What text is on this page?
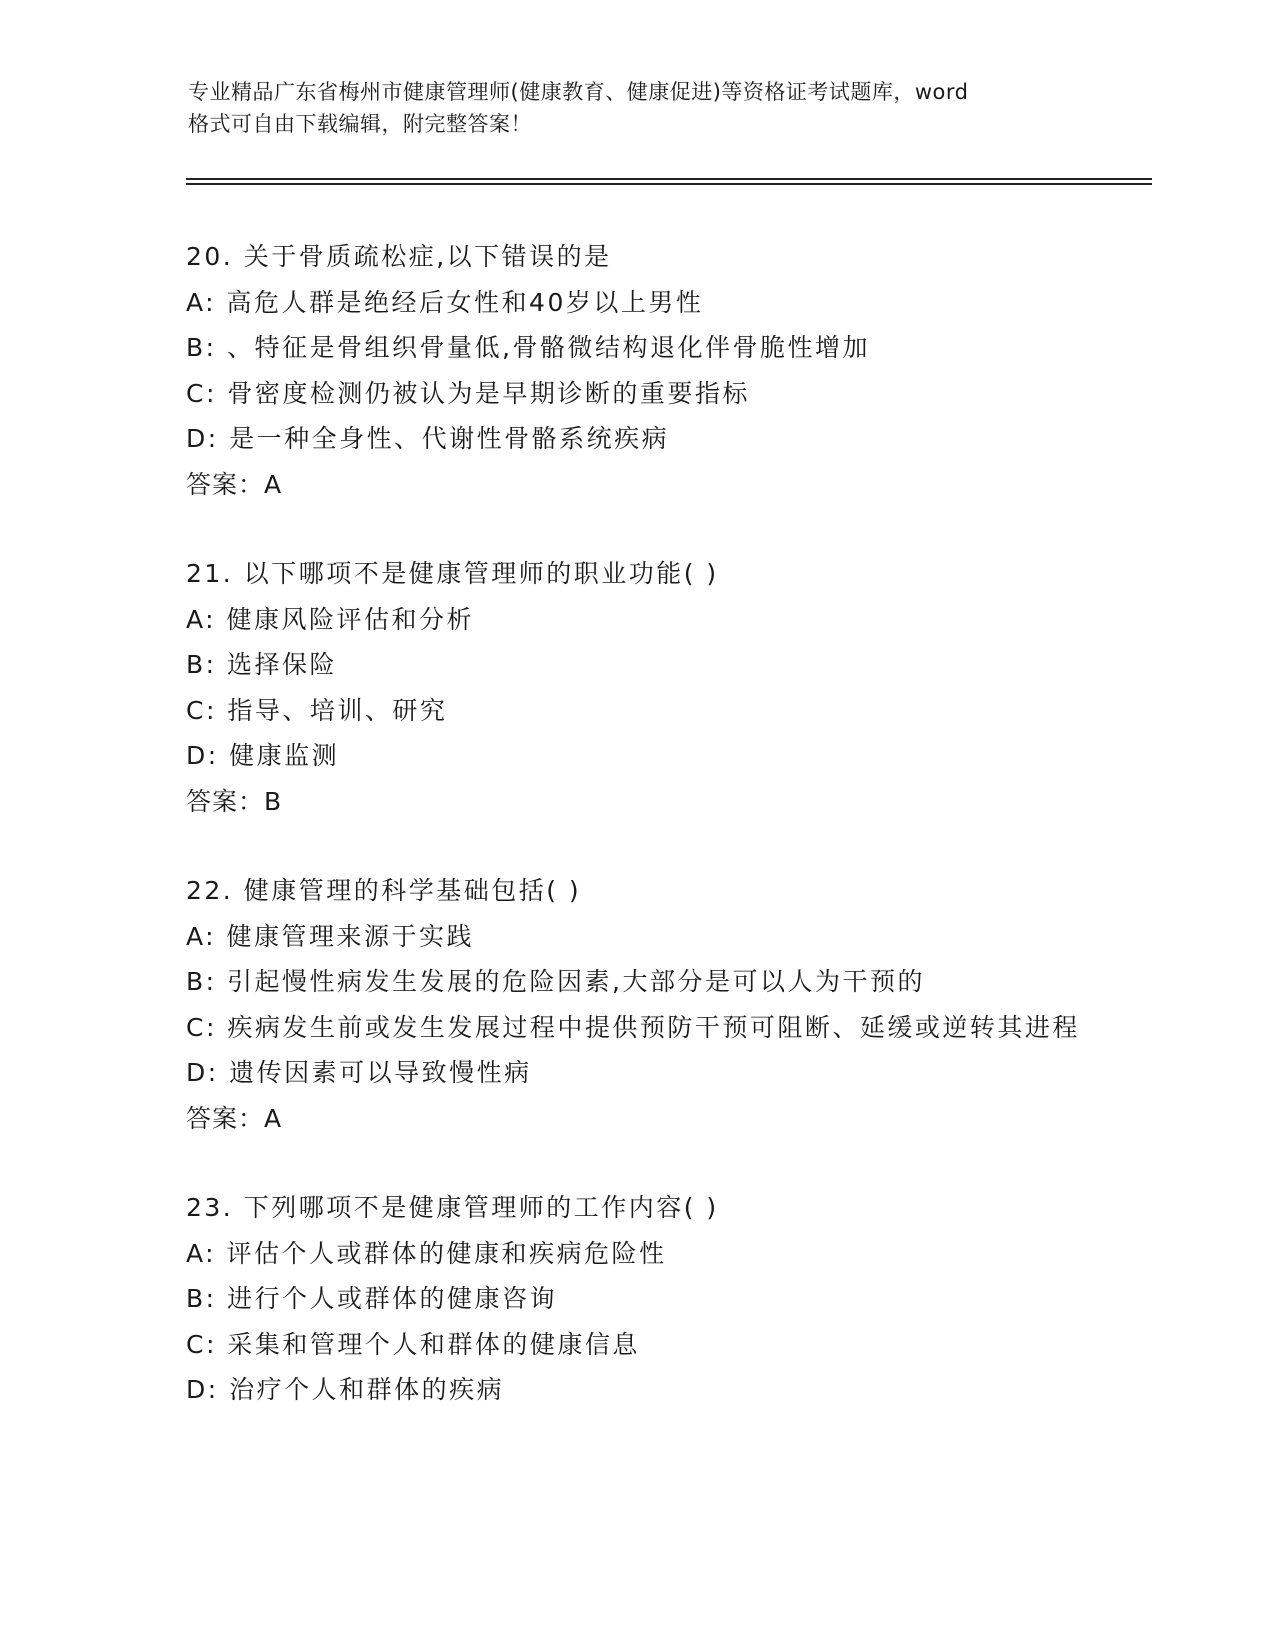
专业精品广东省梅州市健康管理师(健康教育、健康促进)等资格证考试题库，word
格式可自由下载编辑，附完整答案！
20. 关于骨质疏松症,以下错误的是
A: 高危人群是绝经后女性和40岁以上男性
B: 、特征是骨组织骨量低,骨骼微结构退化伴骨脆性增加
C: 骨密度检测仍被认为是早期诊断的重要指标
D: 是一种全身性、代谢性骨骼系统疾病
答案：A
21. 以下哪项不是健康管理师的职业功能( )
A: 健康风险评估和分析
B: 选择保险
C: 指导、培训、研究
D: 健康监测
答案：B
22. 健康管理的科学基础包括( )
A: 健康管理来源于实践
B: 引起慢性病发生发展的危险因素,大部分是可以人为干预的
C: 疾病发生前或发生发展过程中提供预防干预可阻断、延缓或逆转其进程
D: 遗传因素可以导致慢性病
答案：A
23. 下列哪项不是健康管理师的工作内容( )
A: 评估个人或群体的健康和疾病危险性
B: 进行个人或群体的健康咨询
C: 采集和管理个人和群体的健康信息
D: 治疗个人和群体的疾病
